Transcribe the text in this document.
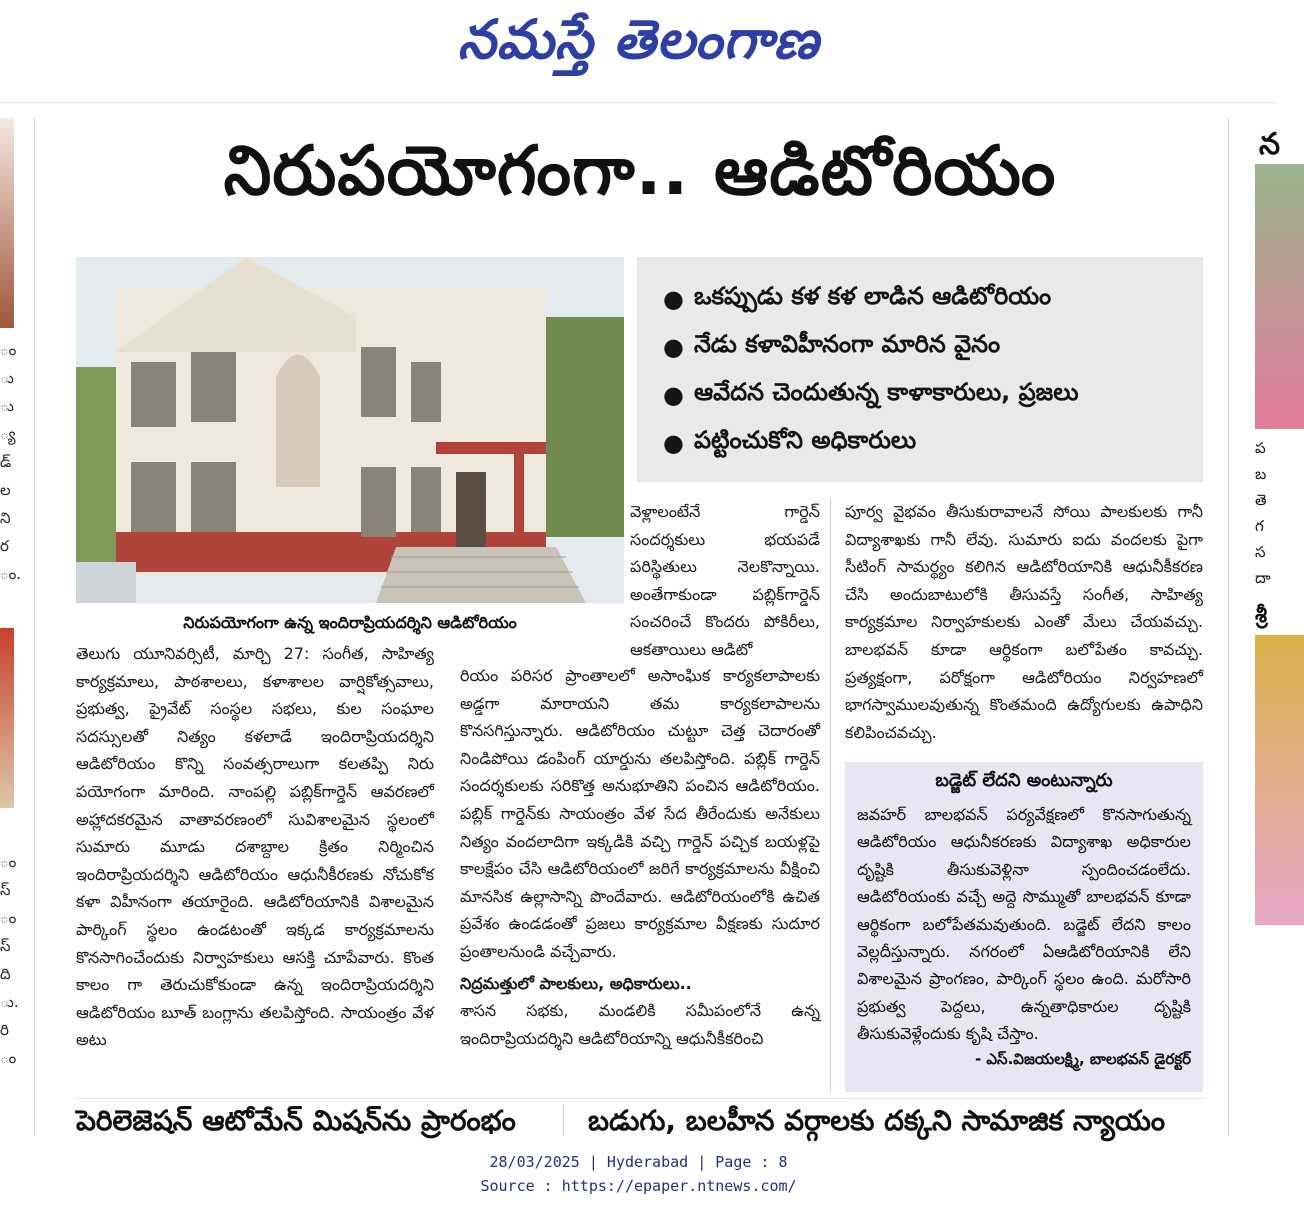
నమస్తే తెలంగాణ
ం
ు
ు
్య
డ్
ల
ని
ర
ం.
ం
స్
ం
స్
ది
ు.
రి
ం
న
ప
బ
తె
గ
స
దా
శ్రీ
నిరుపయోగంగా.. ఆడిటోరియం
నిరుపయోగంగా ఉన్న ఇందిరాప్రియదర్శిని ఆడిటోరియం
● ఒకప్పుడు కళ కళ లాడిన ఆడిటోరియం
● నేడు కళావిహీనంగా మారిన వైనం
● ఆవేదన చెందుతున్న కాళాకారులు, ప్రజలు
● పట్టించుకోని అధికారులు

వెళ్లాలంటేనే గార్డెన్ సందర్శకులు భయపడే పరిస్థితులు నెలకొన్నాయి. అంతేగాకుండా పబ్లిక్‌గార్డెన్ సంచరించే కొందరు పోకిరీలు, ఆకతాయిలు ఆడిటో

తెలుగు యూనివర్సిటీ, మార్చి 27: సంగీత, సాహిత్య కార్యక్రమాలు, పాఠశాలలు, కళాశాలల వార్షికోత్సవాలు, ప్రభుత్వ, ప్రైవేట్ సంస్థల సభలు, కుల సంఘాల సదస్సులతో నిత్యం కళలాడే ఇందిరాప్రియదర్శిని ఆడిటోరియం కొన్ని సంవత్సరాలుగా కలతప్పి నిరు పయోగంగా మారింది. నాంపల్లి పబ్లిక్‌గార్డెన్ ఆవరణలో అహ్లాదకరమైన వాతావరణంలో సువిశాలమైన స్థలంలో సుమారు మూడు దశాబ్దాల క్రితం నిర్మించిన ఇందిరాప్రియదర్శిని ఆడిటోరియం ఆధునీకీరణకు నోచుకోక కళా విహీనంగా తయారైంది. ఆడిటోరియానికి విశాలమైన పార్కింగ్ స్థలం ఉండటంతో ఇక్కడ కార్యక్రమాలను కొనసాగించేందుకు నిర్వాహకులు ఆసక్తి చూపేవారు. కొంత కాలం గా తెరుచుకోకుండా ఉన్న ఇందిరాప్రియదర్శిని ఆడిటోరియం బూత్ బంగ్లాను తలపిస్తోంది. సాయంత్రం వేళ అటు

రియం పరిసర ప్రాంతాలలో అసాంఘిక కార్యకలాపాలకు అడ్డగా మారాయని తమ కార్యకలాపాలను కొనసగిస్తున్నారు. ఆడిటోరియం చుట్టూ చెత్త చెదారంతో నిండిపోయి డంపింగ్ యార్డును తలపిస్తోంది. పబ్లిక్ గార్డెన్ సందర్శకులకు సరికొత్త అనుభూతిని పంచిన ఆడిటోరియం. పబ్లిక్ గార్డెన్‌కు సాయంత్రం వేళ సేద తీరేందుకు అనేకులు నిత్యం వందలాదిగా ఇక్కడికి వచ్చి గార్డెన్ పచ్చిక బయళ్లపై కాలక్షేపం చేసి ఆడిటోరియంలో జరిగే కార్యక్రమాలను వీక్షించి మానసిక ఉల్లాసాన్ని పొందేవారు. ఆడిటోరియంలోకి ఉచిత ప్రవేశం ఉండడంతో ప్రజలు కార్యక్రమాల వీక్షణకు సుదూర ప్రంతాలనుండి వచ్చేవారు.

నిద్రమత్తులో పాలకులు, అధికారులు..

శాసన సభకు, మండలికి సమీపంలోనే ఉన్న ఇందిరాప్రియదర్శిని ఆడిటోరియాన్ని ఆధునీకీకరించి

పూర్వ వైభవం తీసుకురావాలనే సోయి పాలకులకు గానీ విద్యాశాఖకు గానీ లేవు. సుమారు ఐదు వందలకు పైగా సీటింగ్ సామర్థ్యం కలిగిన ఆడిటోరియానికి ఆధునీకీకరణ చేసి అందుబాటులోకి తీసువస్తే సంగీత, సాహిత్య కార్యక్రమాల నిర్వాహకులకు ఎంతో మేలు చేయవచ్చు. బాలభవన్ కూడా ఆర్థికంగా బలోపేతం కావచ్చు. ప్రత్యక్షంగా, పరోక్షంగా ఆడిటోరియం నిర్వహణలో భాగస్వాములవుతున్న కొంతమంది ఉద్యోగులకు ఉపాధిని కలిపించవచ్చు.

బడ్జెట్ లేదని అంటున్నారు
జవహర్ బాలభవన్ పర్యవేక్షణలో కొనసాగుతున్న ఆడిటోరియం ఆధునీకరణకు విద్యాశాఖ అధికారుల దృష్టికి తీసుకువెళ్లినా స్పందించడంలేదు. ఆడిటోరియంకు వచ్చే అద్దె సొమ్ముతో బాలభవన్ కూడా ఆర్థికంగా బలోపేతమవుతుంది. బడ్జెట్ లేదని కాలం వెల్లదీస్తున్నారు. నగరంలో ఏఆడిటోరియానికి లేని విశాలమైన ప్రాంగణం, పార్కింగ్ స్థలం ఉంది. మరోసారి ప్రభుత్వ పెద్దలు, ఉన్నతాధికారుల దృష్టికి తీసుకువెళ్లేందుకు కృషి చేస్తాం.
- ఎస్.విజయలక్ష్మి, బాలభవన్ డైరక్టర్
పెరిలెజెషన్ ఆటోమేన్ మిషన్‌ను ప్రారంభం	బడుగు, బలహీన వర్గాలకు దక్కని సామాజిక న్యాయం
28/03/2025 | Hyderabad | Page : 8
Source : https://epaper.ntnews.com/
